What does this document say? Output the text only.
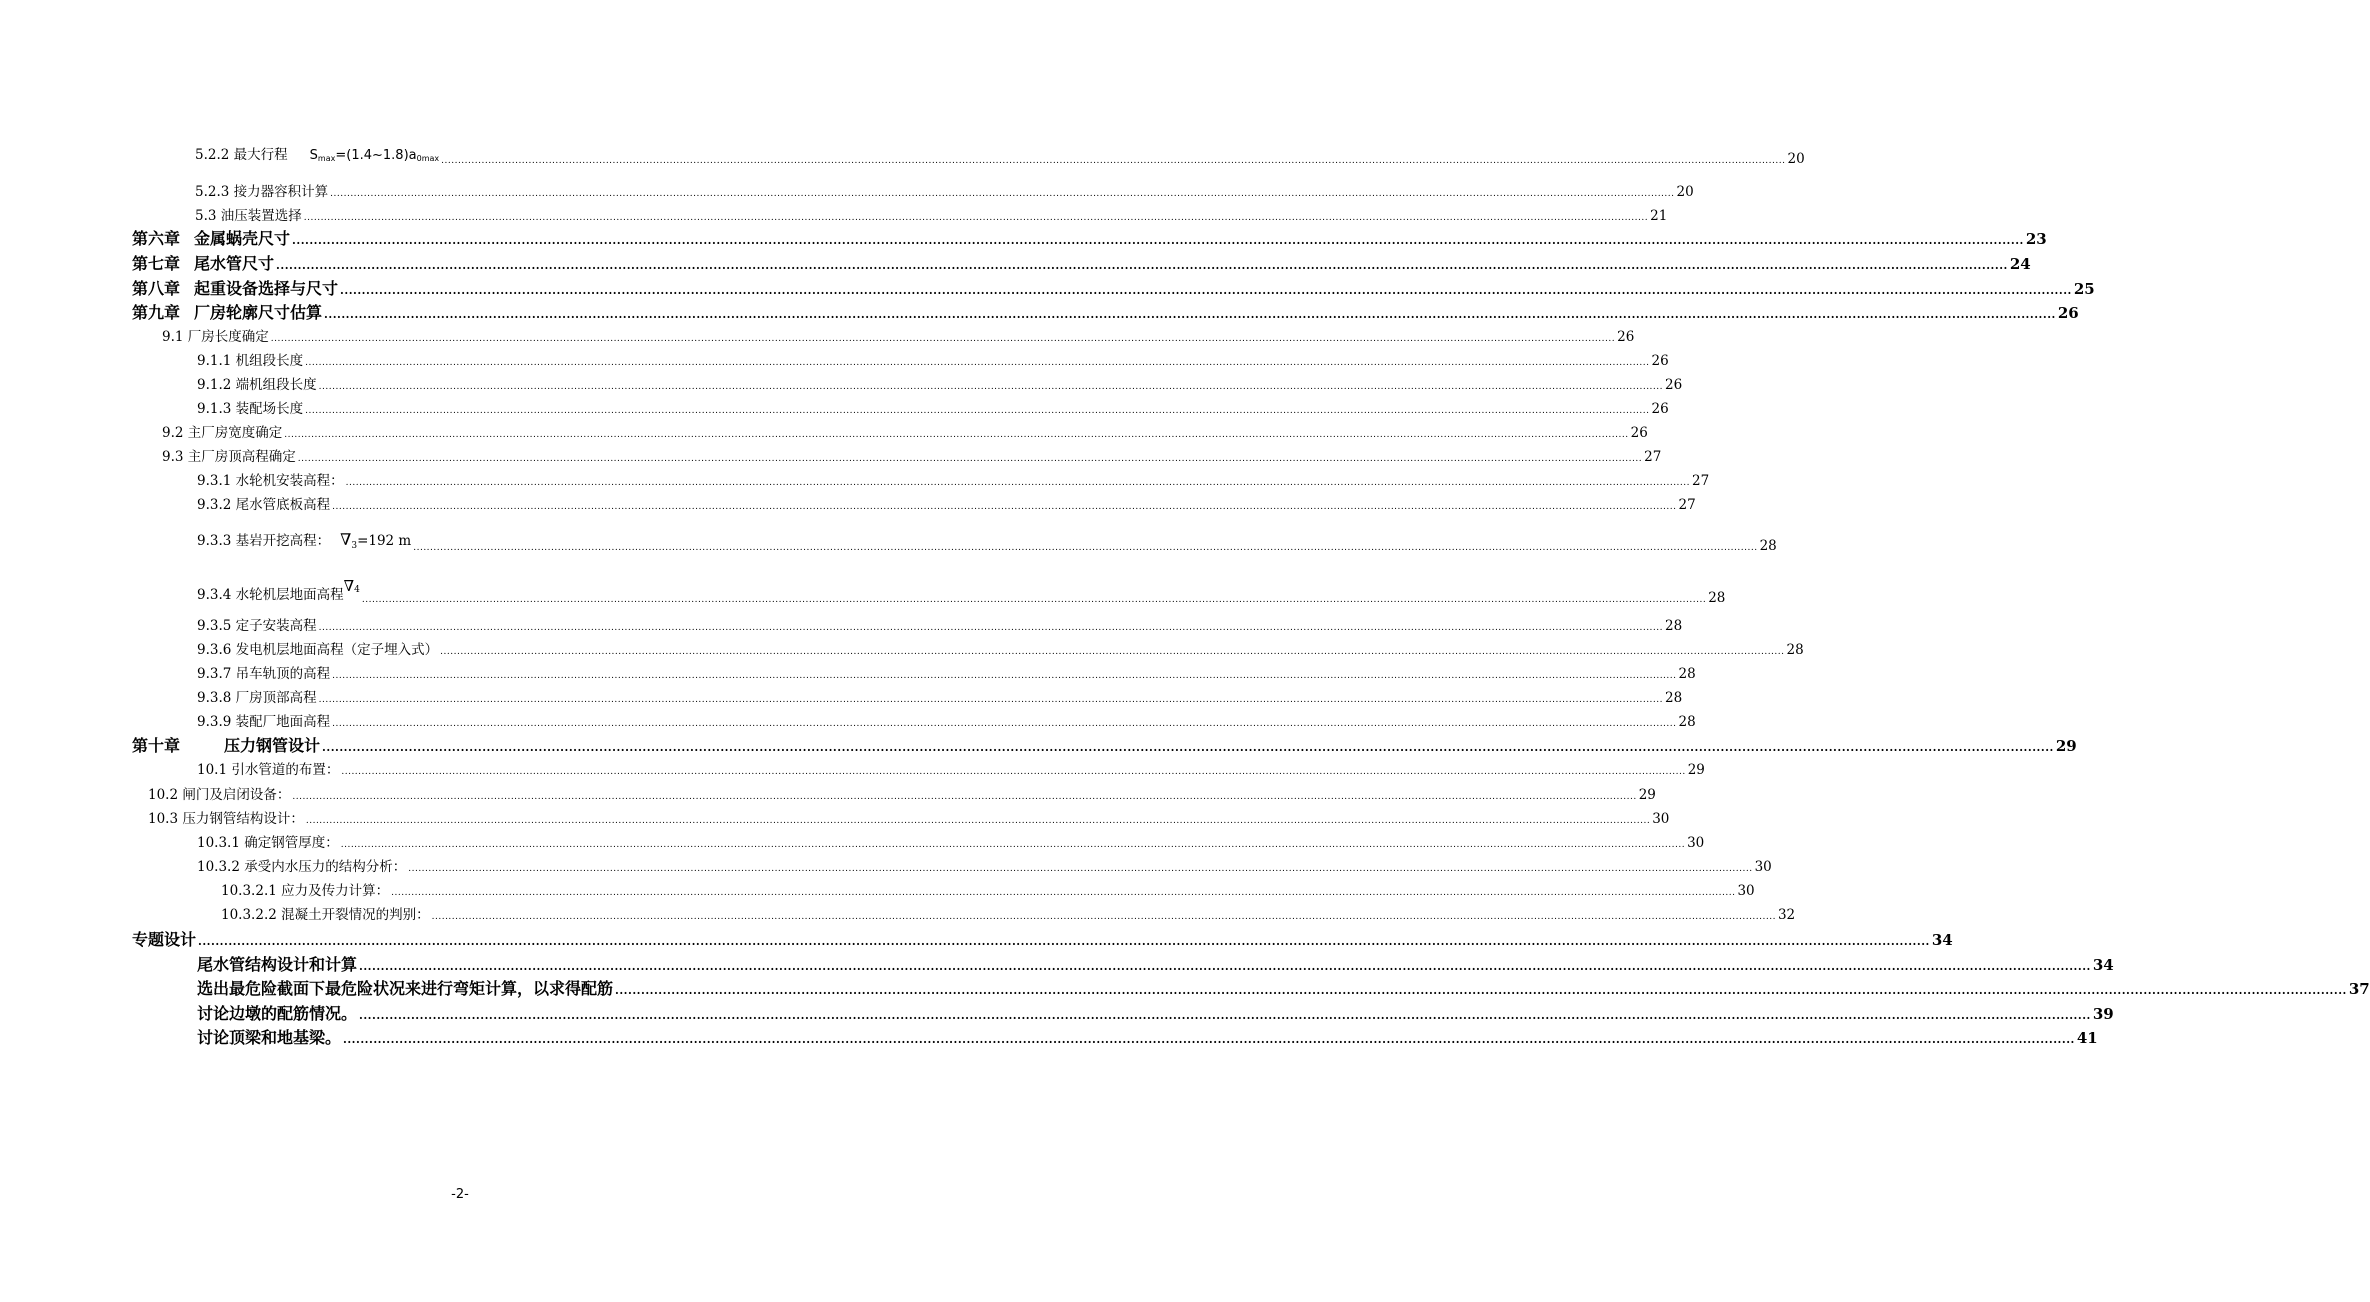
5.2.2 最大行程 $S_{max}=(1.4\sim 1.8)a_{0max}$ ................................................................................................................................................................................................................................................................................................................................................................................................................ 20
5.2.3 接力器容积计算 ................................................................................................................................................................................................................................................................................................................................................................................................................ 20
5.3 油压装置选择 ................................................................................................................................................................................................................................................................................................................................................................................................................ 21
第六章 金属蜗壳尺寸 ................................................................................................................................................................................................................................................................................................................................................................................................................ 23
第七章 尾水管尺寸 ................................................................................................................................................................................................................................................................................................................................................................................................................ 24
第八章 起重设备选择与尺寸 ................................................................................................................................................................................................................................................................................................................................................................................................................ 25
第九章 厂房轮廓尺寸估算 ................................................................................................................................................................................................................................................................................................................................................................................................................ 26
9.1 厂房长度确定 ................................................................................................................................................................................................................................................................................................................................................................................................................ 26
9.1.1 机组段长度 ................................................................................................................................................................................................................................................................................................................................................................................................................ 26
9.1.2 端机组段长度 ................................................................................................................................................................................................................................................................................................................................................................................................................ 26
9.1.3 装配场长度 ................................................................................................................................................................................................................................................................................................................................................................................................................ 26
9.2 主厂房宽度确定 ................................................................................................................................................................................................................................................................................................................................................................................................................ 26
9.3 主厂房顶高程确定 ................................................................................................................................................................................................................................................................................................................................................................................................................ 27
9.3.1 水轮机安装高程： ................................................................................................................................................................................................................................................................................................................................................................................................................ 27
9.3.2 尾水管底板高程 ................................................................................................................................................................................................................................................................................................................................................................................................................ 27
9.3.3 基岩开挖高程： $\nabla_3=192$ m ................................................................................................................................................................................................................................................................................................................................................................................................................ 28
9.3.4 水轮机层地面高程$\nabla_4$
................................................................................................................................................................................................................................................................................................................................................................................................................ 28
9.3.5 定子安装高程 ................................................................................................................................................................................................................................................................................................................................................................................................................ 28
9.3.6 发电机层地面高程（定子埋入式） ................................................................................................................................................................................................................................................................................................................................................................................................................ 28
9.3.7 吊车轨顶的高程 ................................................................................................................................................................................................................................................................................................................................................................................................................ 28
9.3.8 厂房顶部高程 ................................................................................................................................................................................................................................................................................................................................................................................................................ 28
9.3.9 装配厂地面高程 ................................................................................................................................................................................................................................................................................................................................................................................................................ 28
第十章	压力钢管设计 ................................................................................................................................................................................................................................................................................................................................................................................................................ 29
10.1 引水管道的布置： ................................................................................................................................................................................................................................................................................................................................................................................................................ 29
10.2 闸门及启闭设备： ................................................................................................................................................................................................................................................................................................................................................................................................................ 29
10.3 压力钢管结构设计： ................................................................................................................................................................................................................................................................................................................................................................................................................ 30
10.3.1 确定钢管厚度： ................................................................................................................................................................................................................................................................................................................................................................................................................ 30
10.3.2 承受内水压力的结构分析： ................................................................................................................................................................................................................................................................................................................................................................................................................ 30
10.3.2.1 应力及传力计算： ................................................................................................................................................................................................................................................................................................................................................................................................................ 30
10.3.2.2 混凝土开裂情况的判别： ................................................................................................................................................................................................................................................................................................................................................................................................................ 32
专题设计 ................................................................................................................................................................................................................................................................................................................................................................................................................ 34
尾水管结构设计和计算 ................................................................................................................................................................................................................................................................................................................................................................................................................ 34
选出最危险截面下最危险状况来进行弯矩计算，以求得配筋 ................................................................................................................................................................................................................................................................................................................................................................................................................ 37
讨论边墩的配筋情况。 ................................................................................................................................................................................................................................................................................................................................................................................................................ 39
讨论顶梁和地基梁。 ................................................................................................................................................................................................................................................................................................................................................................................................................ 41
-2-
